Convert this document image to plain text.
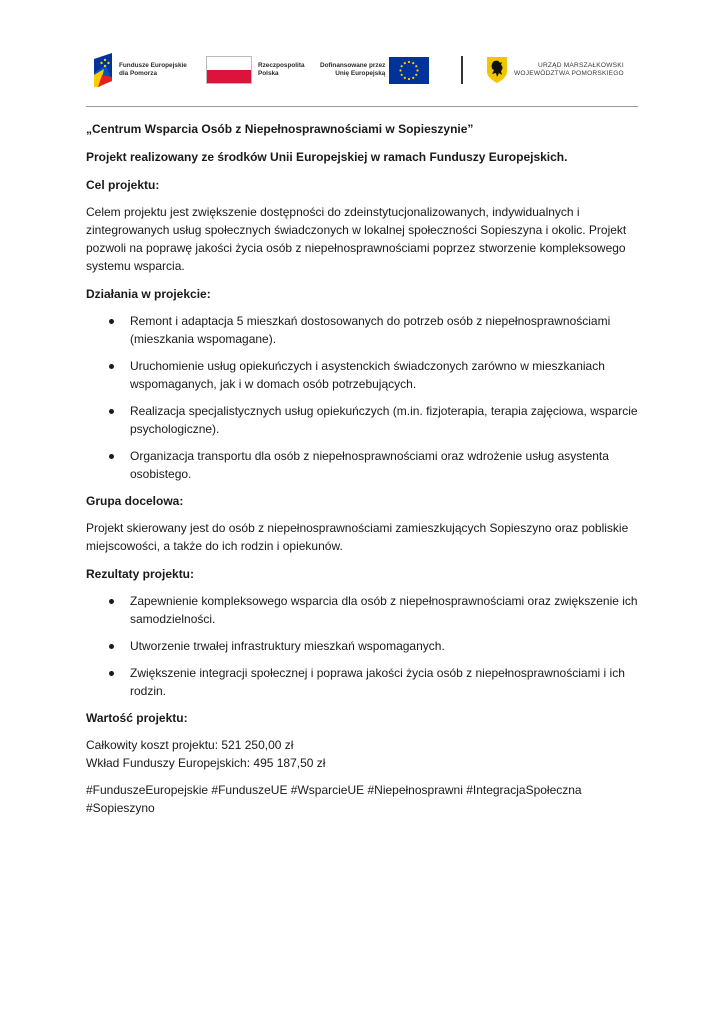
Fundusze Europejskie
dla Pomorza
Rzeczpospolita
Polska
Dofinansowane przez
Unię Europejską
URZĄD MARSZAŁKOWSKI
WOJEWÓDZTWA POMORSKIEGO

„Centrum Wsparcia Osób z Niepełnosprawnościami w Sopieszynie”

Projekt realizowany ze środków Unii Europejskiej w ramach Funduszy Europejskich.

Cel projektu:

Celem projektu jest zwiększenie dostępności do zdeinstytucjonalizowanych, indywidualnych i zintegrowanych usług społecznych świadczonych w lokalnej społeczności Sopieszyna i okolic. Projekt pozwoli na poprawę jakości życia osób z niepełnosprawnościami poprzez stworzenie kompleksowego systemu wsparcia.

Działania w projekcie:

Remont i adaptacja 5 mieszkań dostosowanych do potrzeb osób z niepełnosprawnościami (mieszkania wspomagane).
Uruchomienie usług opiekuńczych i asystenckich świadczonych zarówno w mieszkaniach wspomaganych, jak i w domach osób potrzebujących.
Realizacja specjalistycznych usług opiekuńczych (m.in. fizjoterapia, terapia zajęciowa, wsparcie psychologiczne).
Organizacja transportu dla osób z niepełnosprawnościami oraz wdrożenie usług asystenta osobistego.

Grupa docelowa:

Projekt skierowany jest do osób z niepełnosprawnościami zamieszkujących Sopieszyno oraz pobliskie miejscowości, a także do ich rodzin i opiekunów.

Rezultaty projektu:

Zapewnienie kompleksowego wsparcia dla osób z niepełnosprawnościami oraz zwiększenie ich samodzielności.
Utworzenie trwałej infrastruktury mieszkań wspomaganych.
Zwiększenie integracji społecznej i poprawa jakości życia osób z niepełnosprawnościami i ich rodzin.

Wartość projektu:

Całkowity koszt projektu: 521 250,00 zł

Wkład Funduszy Europejskich: 495 187,50 zł

#FunduszeEuropejskie #FunduszeUE #WsparcieUE #Niepełnosprawni #IntegracjaSpołeczna #Sopieszyno
